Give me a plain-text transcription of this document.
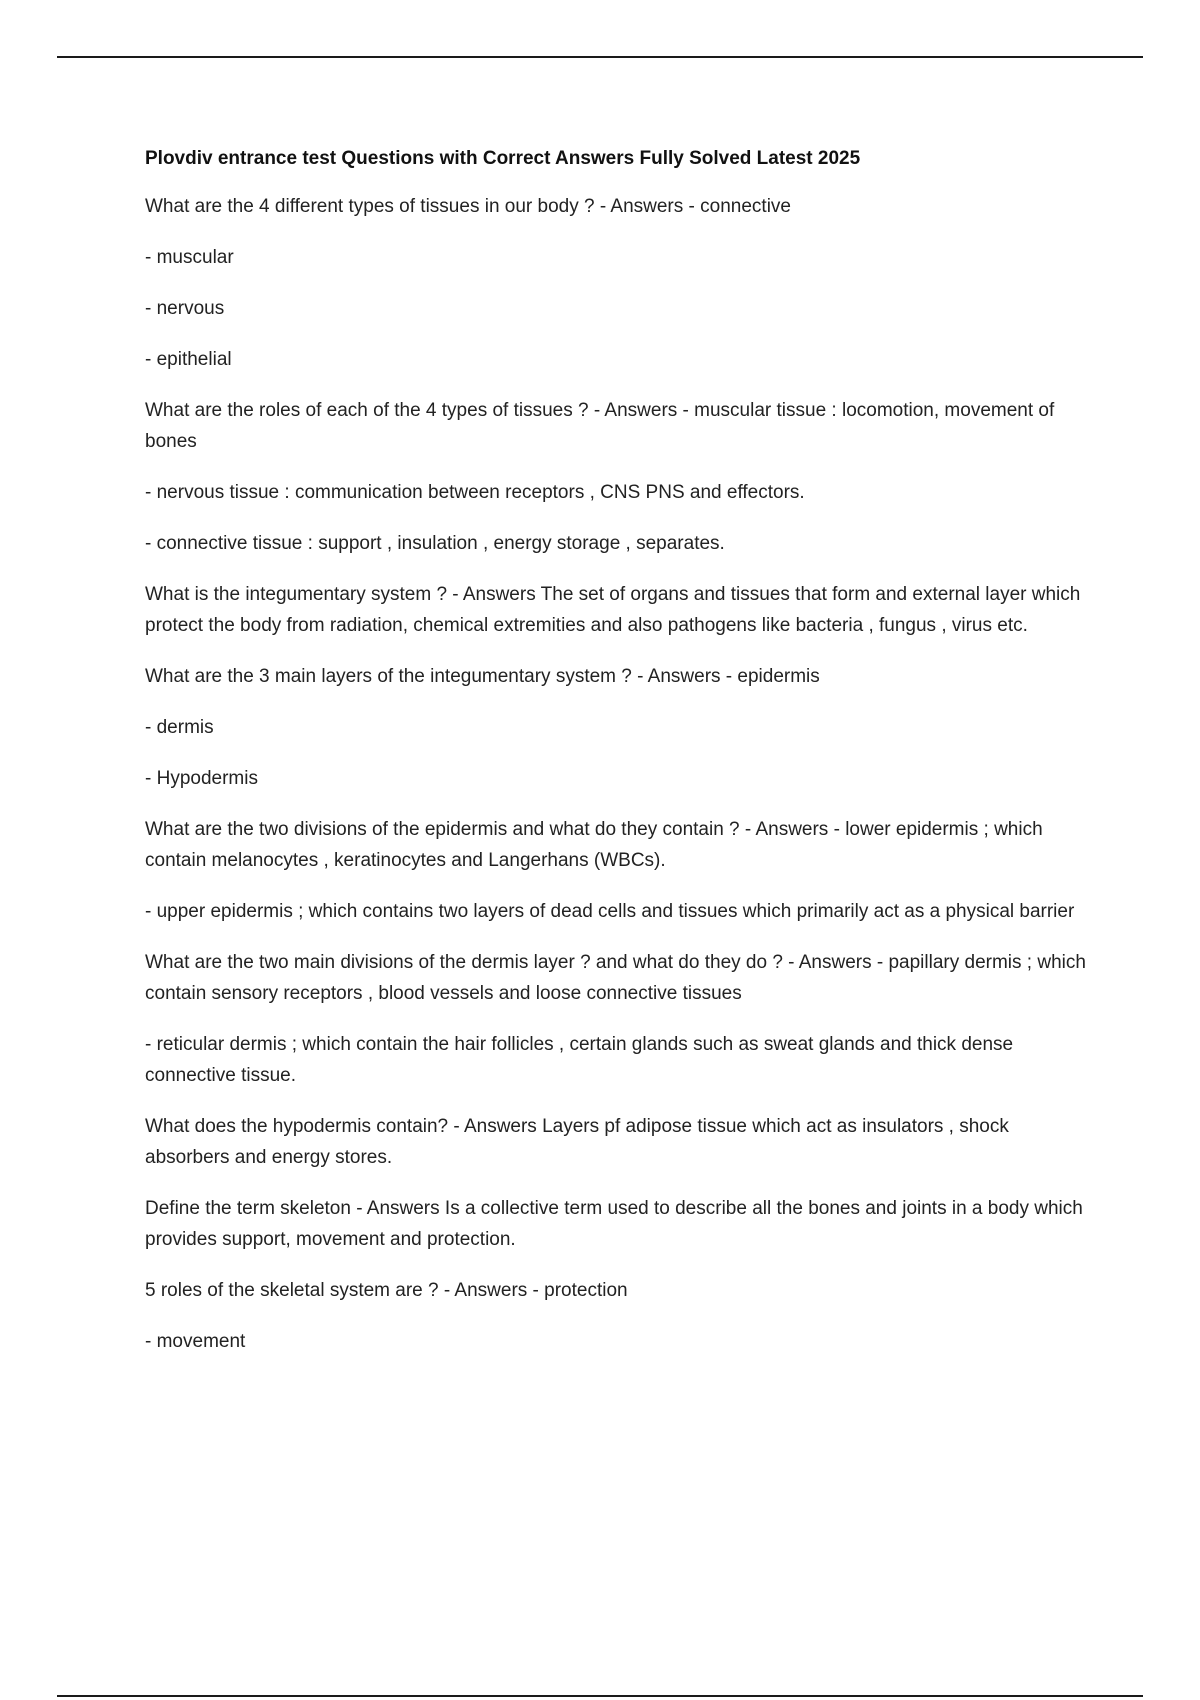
Plovdiv entrance test Questions with Correct Answers Fully Solved Latest 2025

What are the 4 different types of tissues in our body ? - Answers - connective

- muscular

- nervous

- epithelial

What are the roles of each of the 4 types of tissues ? - Answers - muscular tissue : locomotion, movement of bones

- nervous tissue : communication between receptors , CNS PNS and effectors.

- connective tissue : support , insulation , energy storage , separates.

What is the integumentary system ? - Answers The set of organs and tissues that form and external layer which protect the body from radiation, chemical extremities and also pathogens like bacteria , fungus , virus etc.

What are the 3 main layers of the integumentary system ? - Answers - epidermis

- dermis

- Hypodermis

What are the two divisions of the epidermis and what do they contain ? - Answers - lower epidermis ; which contain melanocytes , keratinocytes and Langerhans (WBCs).

- upper epidermis ; which contains two layers of dead cells and tissues which primarily act as a physical barrier

What are the two main divisions of the dermis layer ? and what do they do ? - Answers - papillary dermis ; which contain sensory receptors , blood vessels and loose connective tissues

- reticular dermis ; which contain the hair follicles , certain glands such as sweat glands and thick dense connective tissue.

What does the hypodermis contain? - Answers Layers pf adipose tissue which act as insulators , shock absorbers and energy stores.

Define the term skeleton - Answers Is a collective term used to describe all the bones and joints in a body which provides support, movement and protection.

5 roles of the skeletal system are ? - Answers - protection

- movement
